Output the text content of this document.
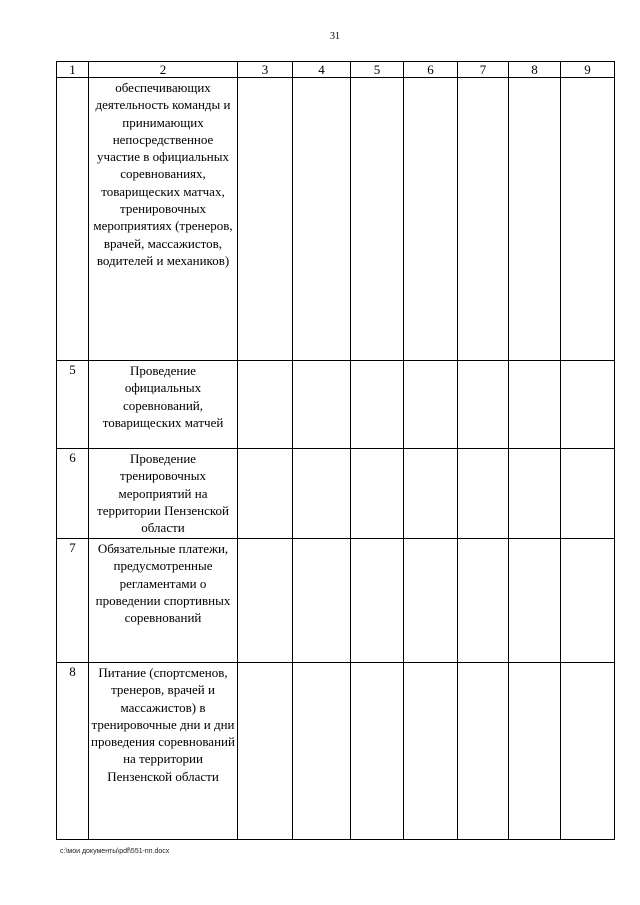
31
1	2	3	4	5	6	7	8	9
	обеспечивающих деятельность команды и принимающих непосредственное участие в официальных соревнованиях, товарищеских матчах, тренировочных мероприятиях (тренеров, врачей, массажистов, водителей и механиков)							
5	Проведение официальных соревнований, товарищеских матчей							
6	Проведение тренировочных мероприятий на территории Пензенской области							
7	Обязательные платежи, предусмотренные регламентами о проведении спортивных соревнований							
8	Питание (спортсменов, тренеров, врачей и массажистов) в тренировочные дни и дни проведения соревнований на территории Пензенской области							
c:\мои документы\pdf\551-пп.docx
